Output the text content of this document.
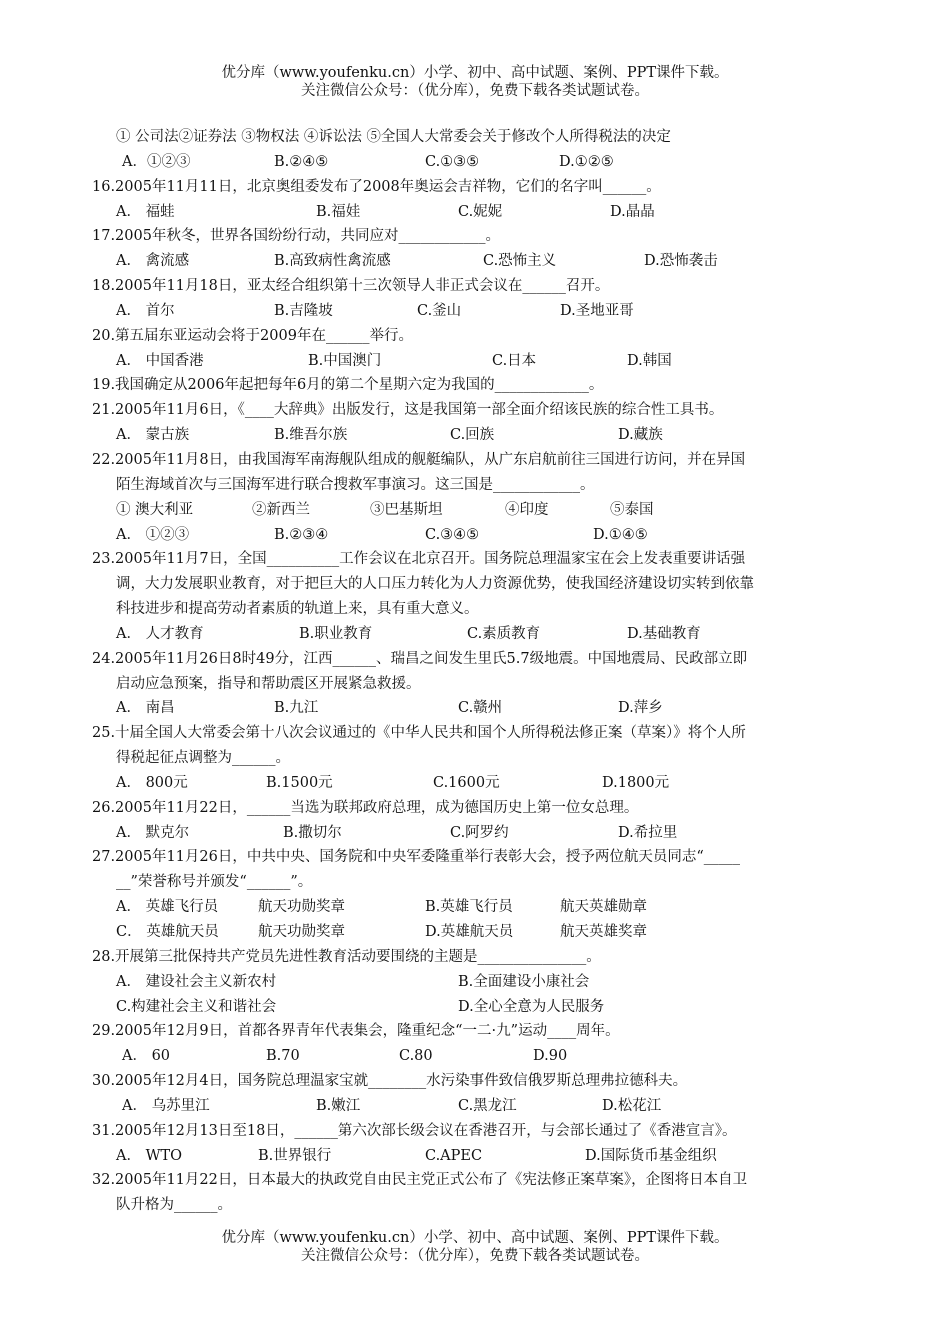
优分库（www.youfenku.cn）小学、初中、高中试题、案例、PPT课件下载。
关注微信公众号：（优分库），免费下载各类试题试卷。
① 公司法②证券法 ③物权法 ④诉讼法 ⑤全国人大常委会关于修改个人所得税法的决定
A．①②③	B.②④⑤	C.①③⑤	D.①②⑤
16.2005年11月11日，北京奥组委发布了2008年奥运会吉祥物，它们的名字叫______。
A． 福蛙	B.福娃	C.妮妮	D.晶晶
17.2005年秋冬，世界各国纷纷行动，共同应对____________。
A． 禽流感	B.高致病性禽流感	C.恐怖主义	D.恐怖袭击
18.2005年11月18日，亚太经合组织第十三次领导人非正式会议在______召开。
A． 首尔	B.吉隆坡	C.釜山	D.圣地亚哥
20.第五届东亚运动会将于2009年在______举行。
A． 中国香港	B.中国澳门	C.日本	D.韩国
19.我国确定从2006年起把每年6月的第二个星期六定为我国的_____________。
21.2005年11月6日，《____大辞典》出版发行，这是我国第一部全面介绍该民族的综合性工具书。
A． 蒙古族	B.维吾尔族	C.回族	D.藏族
22.2005年11月8日，由我国海军南海舰队组成的舰艇编队，从广东启航前往三国进行访问，并在异国
陌生海域首次与三国海军进行联合搜救军事演习。这三国是____________。
① 澳大利亚	②新西兰	③巴基斯坦	④印度	⑤泰国
A． ①②③	B.②③④	C.③④⑤	D.①④⑤
23.2005年11月7日，全国__________工作会议在北京召开。国务院总理温家宝在会上发表重要讲话强
调，大力发展职业教育，对于把巨大的人口压力转化为人力资源优势，使我国经济建设切实转到依靠
科技进步和提高劳动者素质的轨道上来，具有重大意义。
A． 人才教育	B.职业教育	C.素质教育	D.基础教育
24.2005年11月26日8时49分，江西______、瑞昌之间发生里氏5.7级地震。中国地震局、民政部立即
启动应急预案，指导和帮助震区开展紧急救援。
A． 南昌	B.九江	C.赣州	D.萍乡
25.十届全国人大常委会第十八次会议通过的《中华人民共和国个人所得税法修正案（草案）》将个人所
得税起征点调整为______。
A． 800元	B.1500元	C.1600元	D.1800元
26.2005年11月22日，______当选为联邦政府总理，成为德国历史上第一位女总理。
A． 默克尔	B.撒切尔	C.阿罗约	D.希拉里
27.2005年11月26日，中共中央、国务院和中央军委隆重举行表彰大会，授予两位航天员同志“_____
__”荣誉称号并颁发“______”。
A． 英雄飞行员	航天功勋奖章	B.英雄飞行员	航天英雄勋章
C． 英雄航天员	航天功勋奖章	D.英雄航天员	航天英雄奖章
28.开展第三批保持共产党员先进性教育活动要围绕的主题是_______________。
A． 建设社会主义新农村	B.全面建设小康社会
C.构建社会主义和谐社会	D.全心全意为人民服务
29.2005年12月9日，首都各界青年代表集会，隆重纪念“一二·九”运动____周年。
A． 60	B.70	C.80	D.90
30.2005年12月4日，国务院总理温家宝就________水污染事件致信俄罗斯总理弗拉德科夫。
A． 乌苏里江	B.嫩江	C.黑龙江	D.松花江
31.2005年12月13日至18日，______第六次部长级会议在香港召开，与会部长通过了《香港宣言》。
A． WTO	B.世界银行	C.APEC	D.国际货币基金组织
32.2005年11月22日，日本最大的执政党自由民主党正式公布了《宪法修正案草案》，企图将日本自卫
队升格为______。
优分库（www.youfenku.cn）小学、初中、高中试题、案例、PPT课件下载。
关注微信公众号：（优分库），免费下载各类试题试卷。
